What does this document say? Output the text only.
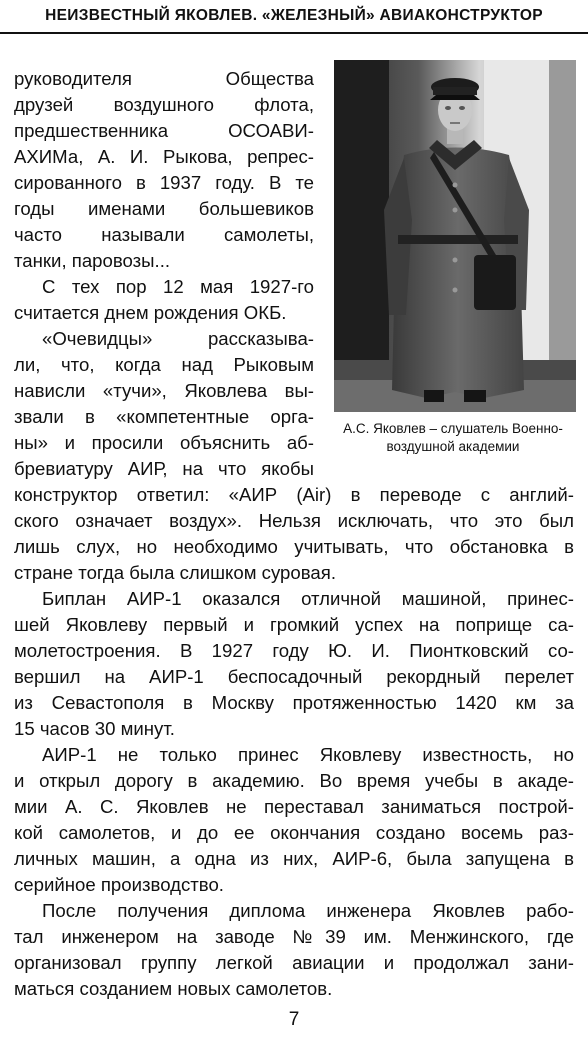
НЕИЗВЕСТНЫЙ ЯКОВЛЕВ. «ЖЕЛЕЗНЫЙ» АВИАКОНСТРУКТОР
А.С. Яковлев – слушатель Военно-
воздушной академии
руководителя Общества
друзей воздушного флота,
предшественника ОСОАВИ-
АХИМа, А. И. Рыкова, репрес-
сированного в 1937 году. В те
годы именами большевиков
часто называли самолеты,
танки, паровозы...
С тех пор 12 мая 1927-го
считается днем рождения ОКБ.
«Очевидцы» рассказыва-
ли, что, когда над Рыковым
нависли «тучи», Яковлева вы-
звали в «компетентные орга-
ны» и просили объяснить аб-
бревиатуру АИР, на что якобы
конструктор ответил: «АИР (Air) в переводе с англий-
ского означает воздух». Нельзя исключать, что это был
лишь слух, но необходимо учитывать, что обстановка в
стране тогда была слишком суровая.
Биплан АИР-1 оказался отличной машиной, принес-
шей Яковлеву первый и громкий успех на поприще са-
молетостроения. В 1927 году Ю. И. Пионтковский со-
вершил на АИР-1 беспосадочный рекордный перелет
из Севастополя в Москву протяженностью 1420 км за
15 часов 30 минут.
АИР-1 не только принес Яковлеву известность, но
и открыл дорогу в академию. Во время учебы в акаде-
мии А. С. Яковлев не переставал заниматься построй-
кой самолетов, и до ее окончания создано восемь раз-
личных машин, а одна из них, АИР-6, была запущена в
серийное производство.
После получения диплома инженера Яковлев рабо-
тал инженером на заводе №39 им. Менжинского, где
организовал группу легкой авиации и продолжал зани-
маться созданием новых самолетов.
7
